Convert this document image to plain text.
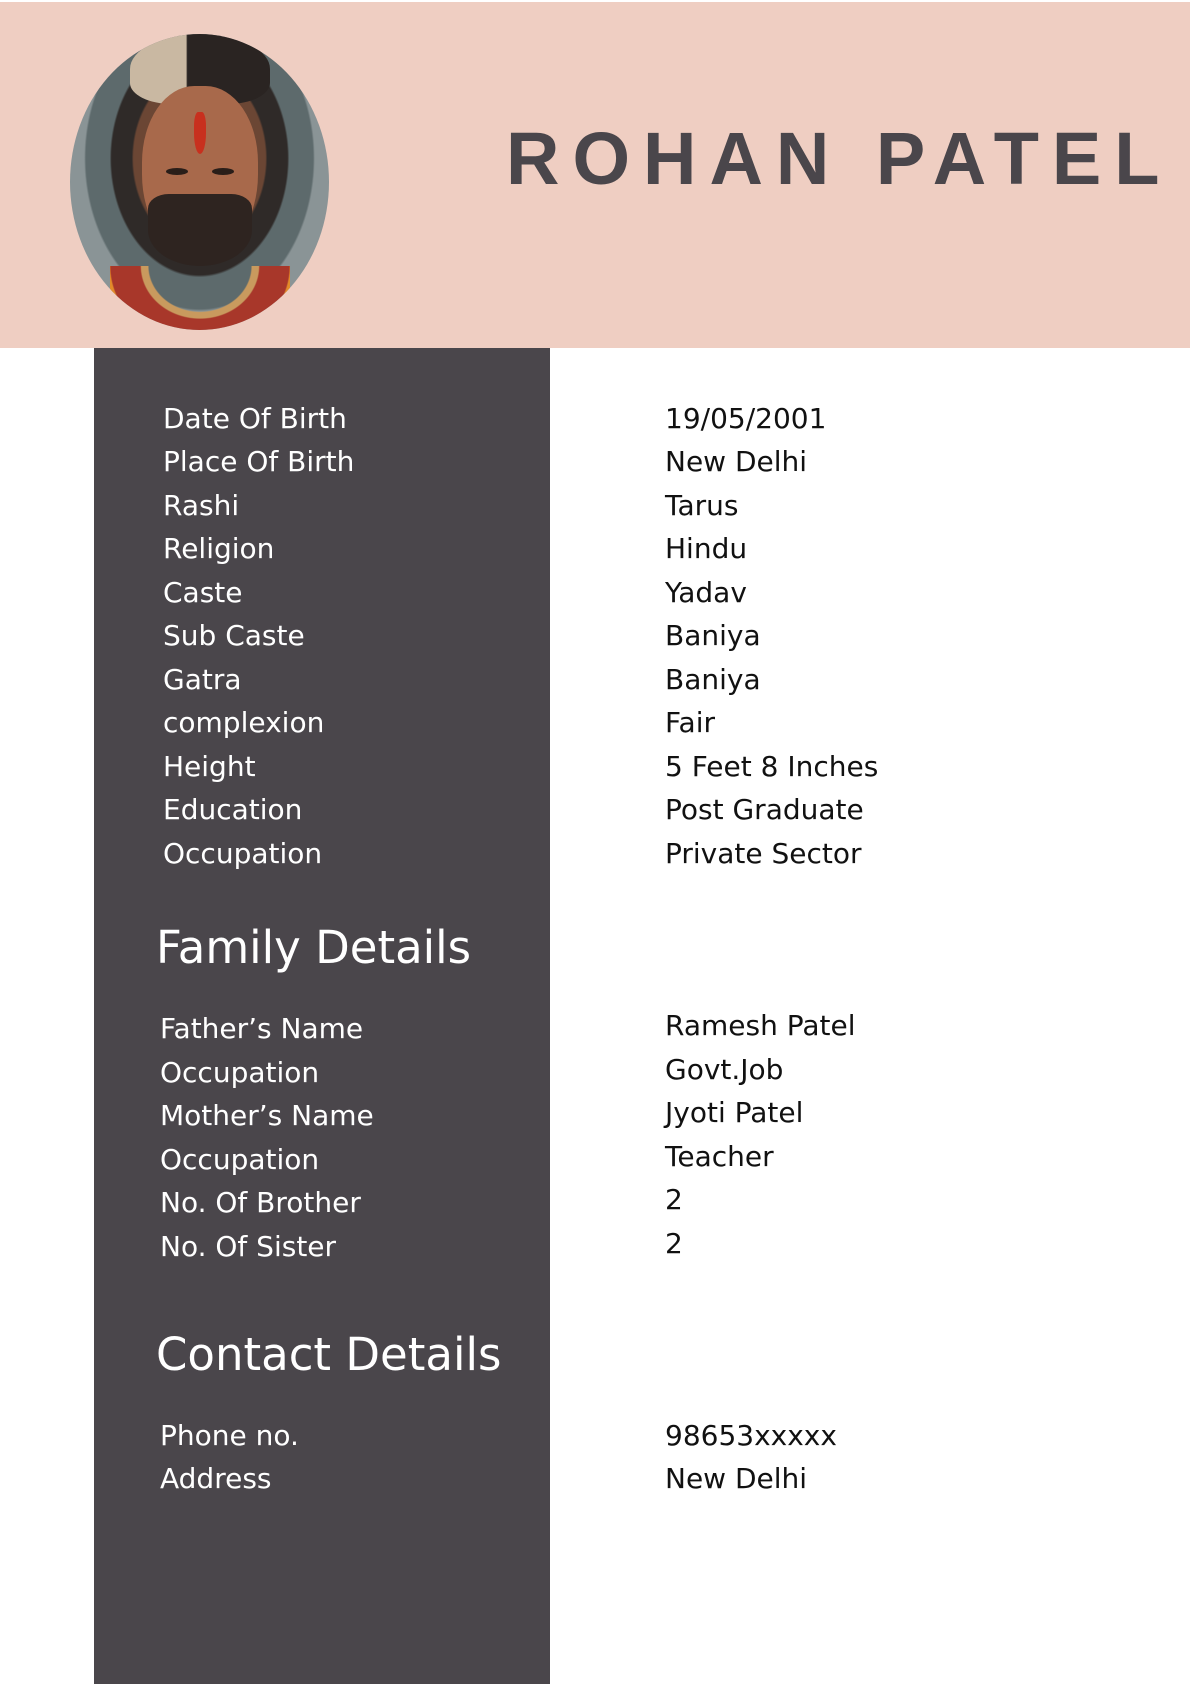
ROHAN PATEL
Date Of Birth	19/05/2001
Place Of Birth	New Delhi
Rashi	Tarus
Religion	Hindu
Caste	Yadav
Sub Caste	Baniya
Gatra	Baniya
complexion	Fair
Height	5 Feet 8 Inches
Education	Post Graduate
Occupation	Private Sector
Family Details
Father’s Name	Ramesh Patel
Occupation	Govt.Job
Mother’s Name	Jyoti Patel
Occupation	Teacher
No. Of Brother	2
No. Of Sister	2
Contact Details
Phone no.	98653xxxxx
Address	New Delhi
